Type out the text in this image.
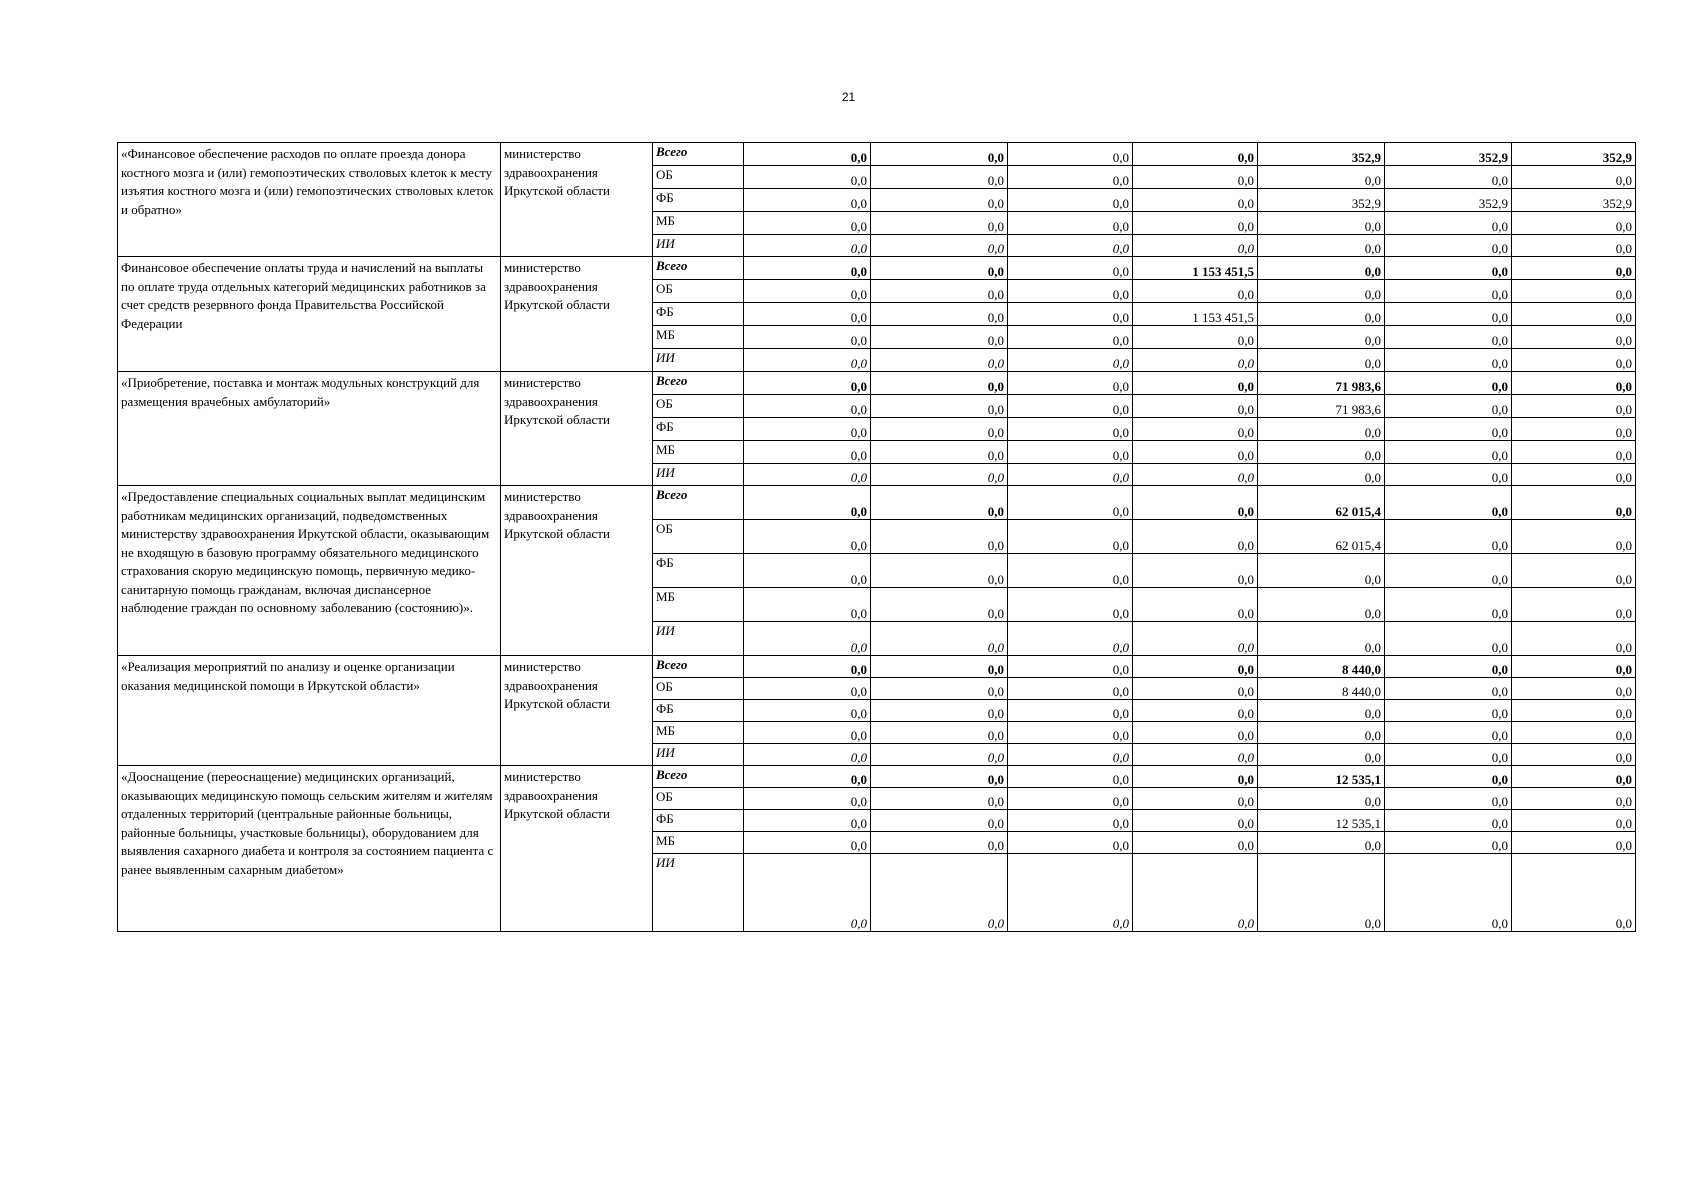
21
«Финансовое обеспечение расходов по оплате проезда донора костного мозга и (или) гемопоэтических стволовых клеток к месту изъятия костного мозга и (или) гемопоэтических стволовых клеток и обратно»	министерство здравоохранения Иркутской области	Всего	0,0	0,0	0,0	0,0	352,9	352,9	352,9
		ОБ	0,0	0,0	0,0	0,0	0,0	0,0	0,0
		ФБ	0,0	0,0	0,0	0,0	352,9	352,9	352,9
		МБ	0,0	0,0	0,0	0,0	0,0	0,0	0,0
		ИИ	0,0	0,0	0,0	0,0	0,0	0,0	0,0
Финансовое обеспечение оплаты труда и начислений на выплаты по оплате труда отдельных категорий медицинских работников за счет средств резервного фонда Правительства Российской Федерации	министерство здравоохранения Иркутской области	Всего	0,0	0,0	0,0	1 153 451,5	0,0	0,0	0,0
		ОБ	0,0	0,0	0,0	0,0	0,0	0,0	0,0
		ФБ	0,0	0,0	0,0	1 153 451,5	0,0	0,0	0,0
		МБ	0,0	0,0	0,0	0,0	0,0	0,0	0,0
		ИИ	0,0	0,0	0,0	0,0	0,0	0,0	0,0
«Приобретение, поставка и монтаж модульных конструкций для размещения врачебных амбулаторий»	министерство здравоохранения Иркутской области	Всего	0,0	0,0	0,0	0,0	71 983,6	0,0	0,0
		ОБ	0,0	0,0	0,0	0,0	71 983,6	0,0	0,0
		ФБ	0,0	0,0	0,0	0,0	0,0	0,0	0,0
		МБ	0,0	0,0	0,0	0,0	0,0	0,0	0,0
		ИИ	0,0	0,0	0,0	0,0	0,0	0,0	0,0
«Предоставление специальных социальных выплат медицинским работникам медицинских организаций, подведомственных министерству здравоохранения Иркутской области, оказывающим не входящую в базовую программу обязательного медицинского страхования скорую медицинскую помощь, первичную медико-санитарную помощь гражданам, включая диспансерное наблюдение граждан по основному заболеванию (состоянию)».	министерство здравоохранения Иркутской области	Всего	0,0	0,0	0,0	0,0	62 015,4	0,0	0,0
		ОБ	0,0	0,0	0,0	0,0	62 015,4	0,0	0,0
		ФБ	0,0	0,0	0,0	0,0	0,0	0,0	0,0
		МБ	0,0	0,0	0,0	0,0	0,0	0,0	0,0
		ИИ	0,0	0,0	0,0	0,0	0,0	0,0	0,0
«Реализация мероприятий по анализу и оценке организации оказания медицинской помощи в Иркутской области»	министерство здравоохранения Иркутской области	Всего	0,0	0,0	0,0	0,0	8 440,0	0,0	0,0
		ОБ	0,0	0,0	0,0	0,0	8 440,0	0,0	0,0
		ФБ	0,0	0,0	0,0	0,0	0,0	0,0	0,0
		МБ	0,0	0,0	0,0	0,0	0,0	0,0	0,0
		ИИ	0,0	0,0	0,0	0,0	0,0	0,0	0,0
«Дооснащение (переоснащение) медицинских организаций, оказывающих медицинскую помощь сельским жителям и жителям отдаленных территорий (центральные районные больницы, районные больницы, участковые больницы), оборудованием для выявления сахарного диабета и контроля за состоянием пациента с ранее выявленным сахарным диабетом»	министерство здравоохранения Иркутской области	Всего	0,0	0,0	0,0	0,0	12 535,1	0,0	0,0
		ОБ	0,0	0,0	0,0	0,0	0,0	0,0	0,0
		ФБ	0,0	0,0	0,0	0,0	12 535,1	0,0	0,0
		МБ	0,0	0,0	0,0	0,0	0,0	0,0	0,0
		ИИ	0,0	0,0	0,0	0,0	0,0	0,0	0,0
